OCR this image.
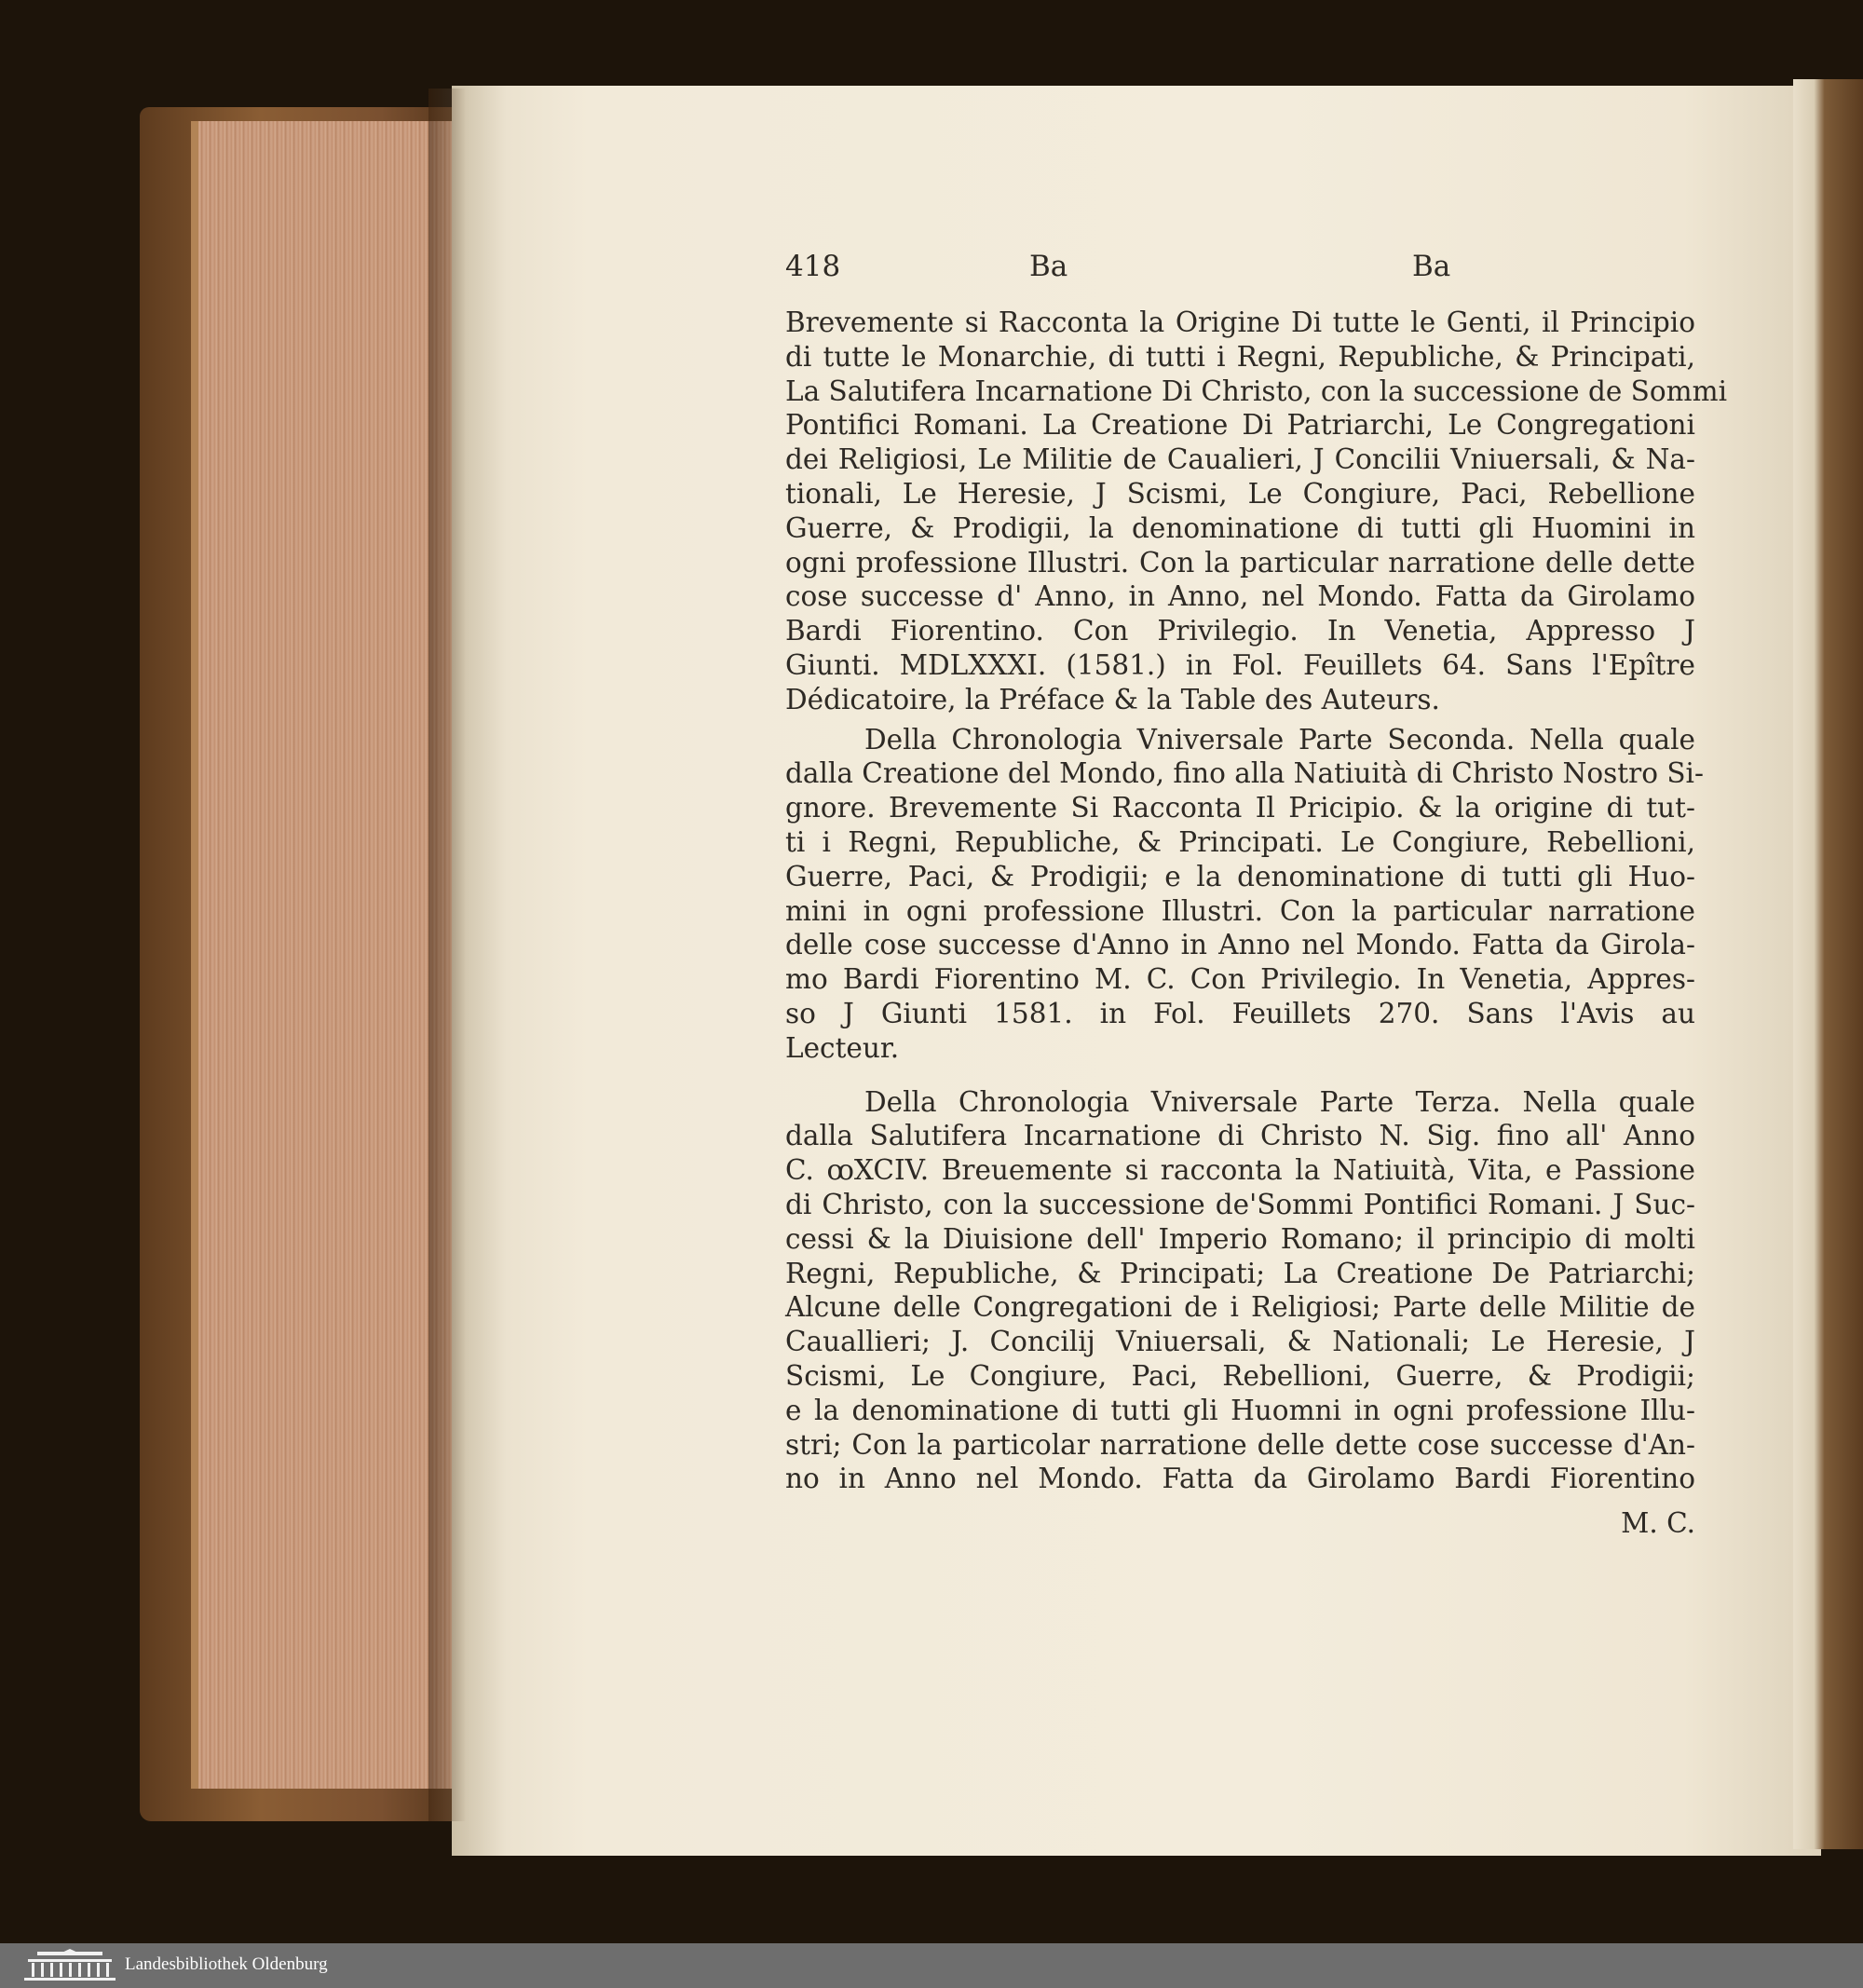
418	Ba	Ba
Brevemente si Racconta la Origine Di tutte le Genti, il Principio
di tutte le Monarchie, di tutti i Regni, Republiche, & Principati,
La Salutifera Incarnatione Di Christo, con la successione de Sommi
Pontifici Romani. La Creatione Di Patriarchi, Le Congregationi
dei Religiosi, Le Militie de Caualieri, J Concilii Vniuersali, & Na-
tionali, Le Heresie, J Scismi, Le Congiure, Paci, Rebellione
Guerre, & Prodigii, la denominatione di tutti gli Huomini in
ogni professione Illustri. Con la particular narratione delle dette
cose successe d' Anno, in Anno, nel Mondo. Fatta da Girolamo
Bardi Fiorentino. Con Privilegio. In Venetia, Appresso J
Giunti. MDLXXXI. (1581.) in Fol. Feuillets 64. Sans l'Epître
Dédicatoire, la Préface & la Table des Auteurs.
Della Chronologia Vniversale Parte Seconda. Nella quale
dalla Creatione del Mondo, fino alla Natiuità di Christo Nostro Si-
gnore. Brevemente Si Racconta Il Pricipio. & la origine di tut-
ti i Regni, Republiche, & Principati. Le Congiure, Rebellioni,
Guerre, Paci, & Prodigii; e la denominatione di tutti gli Huo-
mini in ogni professione Illustri. Con la particular narratione
delle cose successe d'Anno in Anno nel Mondo. Fatta da Girola-
mo Bardi Fiorentino M. C. Con Privilegio. In Venetia, Appres-
so J Giunti 1581. in Fol. Feuillets 270. Sans l'Avis au
Lecteur.
Della Chronologia Vniversale Parte Terza. Nella quale
dalla Salutifera Incarnatione di Christo N. Sig. fino all' Anno
C. ꝏXCIV. Breuemente si racconta la Natiuità, Vita, e Passione
di Christo, con la successione de'Sommi Pontifici Romani. J Suc-
cessi & la Diuisione dell' Imperio Romano; il principio di molti
Regni, Republiche, & Principati; La Creatione De Patriarchi;
Alcune delle Congregationi de i Religiosi; Parte delle Militie de
Cauallieri; J. Concilij Vniuersali, & Nationali; Le Heresie, J
Scismi, Le Congiure, Paci, Rebellioni, Guerre, & Prodigii;
e la denominatione di tutti gli Huomni in ogni professione Illu-
stri; Con la particolar narratione delle dette cose successe d'An-
no in Anno nel Mondo. Fatta da Girolamo Bardi Fiorentino
M. C.
Landesbibliothek Oldenburg
